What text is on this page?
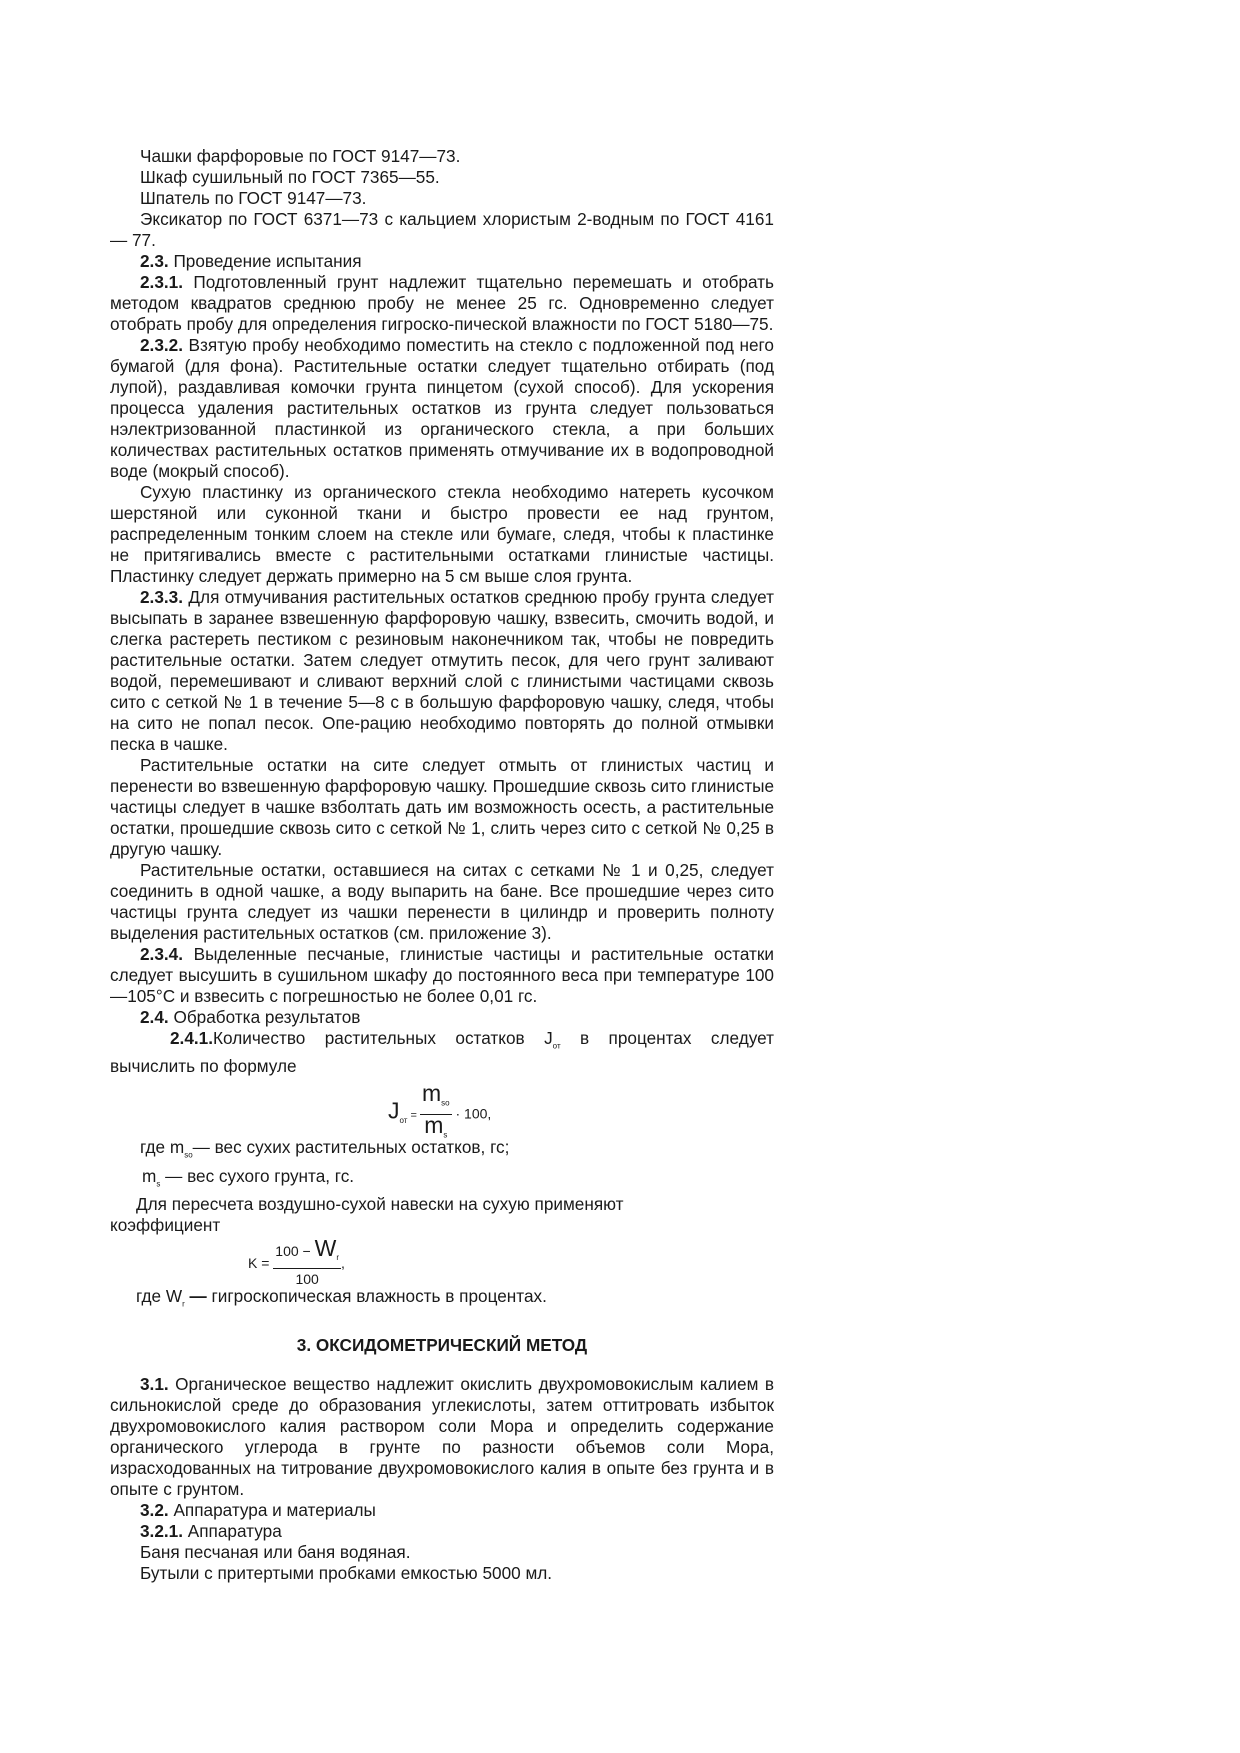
Чашки фарфоровые по ГОСТ 9147—73.

Шкаф сушильный по ГОСТ 7365—55.

Шпатель по ГОСТ 9147—73.

Эксикатор по ГОСТ 6371—73 с кальцием хлористым 2-водным по ГОСТ 4161— 77.

2.3. Проведение испытания

2.3.1. Подготовленный грунт надлежит тщательно перемешать и отобрать методом квадратов среднюю пробу не менее 25 гс. Одновременно следует отобрать пробу для определения гигроско-пической влажности по ГОСТ 5180—75.

2.3.2. Взятую пробу необходимо поместить на стекло с подложенной под него бумагой (для фона). Растительные остатки следует тщательно отбирать (под лупой), раздавливая комочки грунта пинцетом (сухой способ). Для ускорения процесса удаления растительных остатков из грунта следует пользоваться нэлектризованной пластинкой из органического стекла, а при больших количествах растительных остатков применять отмучивание их в водопроводной воде (мокрый способ).

Сухую пластинку из органического стекла необходимо натереть кусочком шерстяной или суконной ткани и быстро провести ее над грунтом, распределенным тонким слоем на стекле или бумаге, следя, чтобы к пластинке не притягивались вместе с растительными остатками глинистые частицы. Пластинку следует держать примерно на 5 см выше слоя грунта.

2.3.3. Для отмучивания растительных остатков среднюю пробу грунта следует высыпать в заранее взвешенную фарфоровую чашку, взвесить, смочить водой, и слегка растереть пестиком с резиновым наконечником так, чтобы не повредить растительные остатки. Затем следует отмутить песок, для чего грунт заливают водой, перемешивают и сливают верхний слой с глинистыми частицами сквозь сито с сеткой № 1 в течение 5—8 с в большую фарфоровую чашку, следя, чтобы на сито не попал песок. Опе-рацию необходимо повторять до полной отмывки песка в чашке.

Растительные остатки на сите следует отмыть от глинистых частиц и перенести во взвешенную фарфоровую чашку. Прошедшие сквозь сито глинистые частицы следует в чашке взболтать дать им возможность осесть, а растительные остатки, прошедшие сквозь сито с сеткой № 1, слить через сито с сеткой № 0,25 в другую чашку.

Растительные остатки, оставшиеся на ситах с сетками № 1 и 0,25, следует соединить в одной чашке, а воду выпарить на бане. Все прошедшие через сито частицы грунта следует из чашки перенести в цилиндр и проверить полноту выделения растительных остатков (см. приложение 3).

2.3.4. Выделенные песчаные, глинистые частицы и растительные остатки следует высушить в сушильном шкафу до постоянного веса при температуре 100—105°С и взвесить с погрешностью не более 0,01 гс.

2.4. Обработка результатов

2.4.1.Количество растительных остатков $J_{от}$ в процентах следует вычислить по формуле

$J_{от} = \frac{m_{so}}{m_s} \cdot 100$,

где $m_{so}—$ вес сухих растительных остатков, гс;

$m_s$ — вес сухого грунта, гс.

Для пересчета воздушно-сухой навески на сухую применяют коэффициент

$K = \frac{100 - W_r}{100}$ ,

где $W_r$ — гигроскопическая влажность в процентах.

3. ОКСИДОМЕТРИЧЕСКИЙ МЕТОД

3.1. Органическое вещество надлежит окислить двухромовокислым калием в сильнокислой среде до образования углекислоты, затем оттитровать избыток двухромовокислого калия раствором соли Мора и определить содержание органического углерода в грунте по разности объемов соли Мора, израсходованных на титрование двухромовокислого калия в опыте без грунта и в опыте с грунтом.

3.2. Аппаратура и материалы

3.2.1. Аппаратура

Баня песчаная или баня водяная.

Бутыли с притертыми пробками емкостью 5000 мл.
